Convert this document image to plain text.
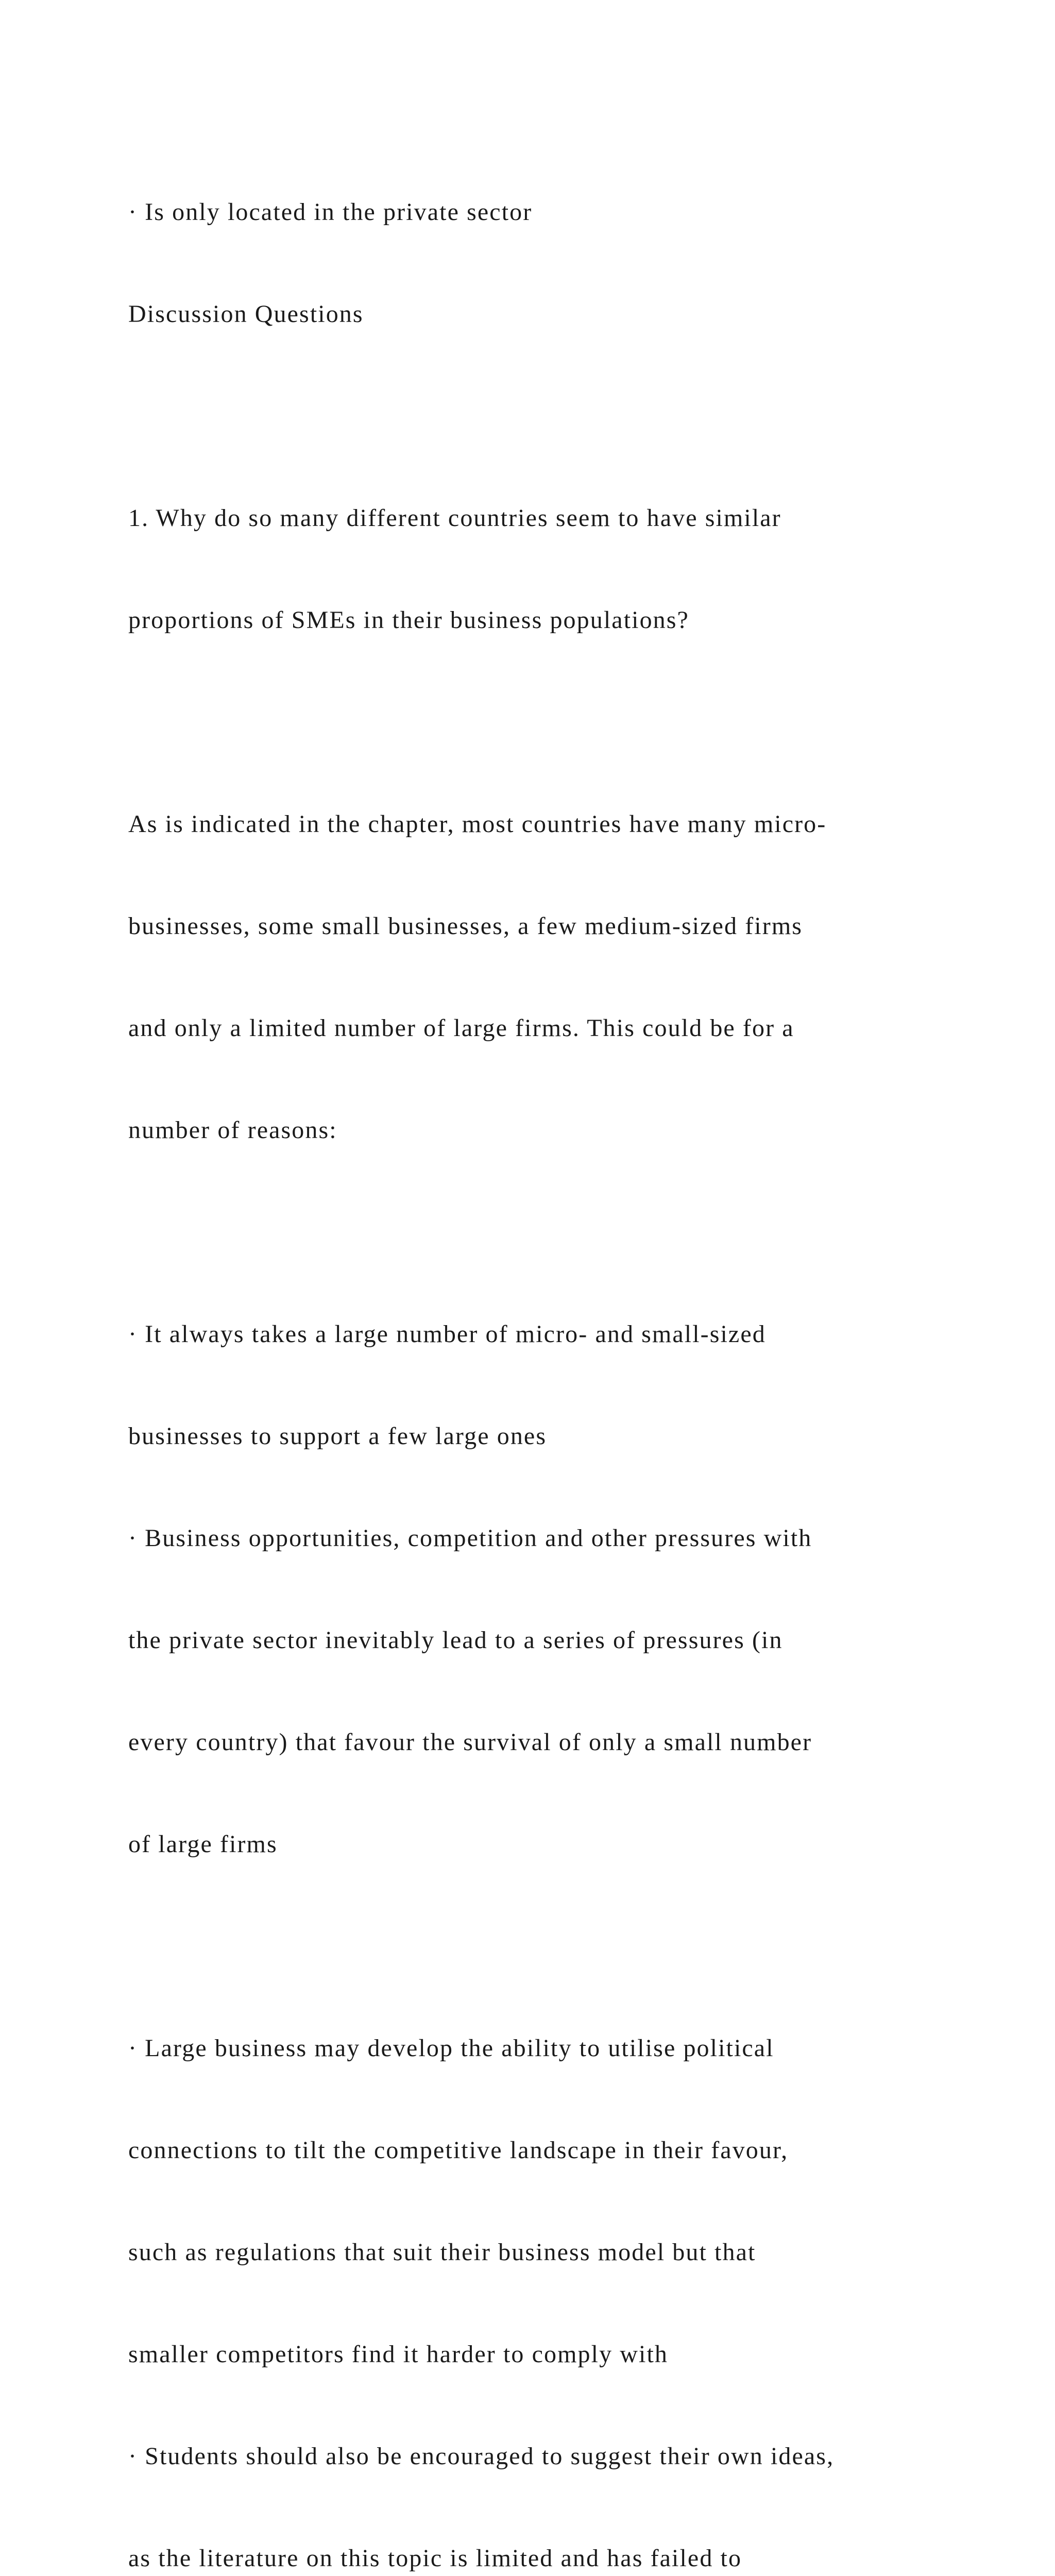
· Is only located in the private sector

Discussion Questions

1. Why do so many different countries seem to have similar

proportions of SMEs in their business populations?

As is indicated in the chapter, most countries have many micro-

businesses, some small businesses, a few medium-sized firms

and only a limited number of large firms. This could be for a

number of reasons:

· It always takes a large number of micro- and small-sized

businesses to support a few large ones

· Business opportunities, competition and other pressures with

the private sector inevitably lead to a series of pressures (in

every country) that favour the survival of only a small number

of large firms

· Large business may develop the ability to utilise political

connections to tilt the competitive landscape in their favour,

such as regulations that suit their business model but that

smaller competitors find it harder to comply with

· Students should also be encouraged to suggest their own ideas,

as the literature on this topic is limited and has failed to
